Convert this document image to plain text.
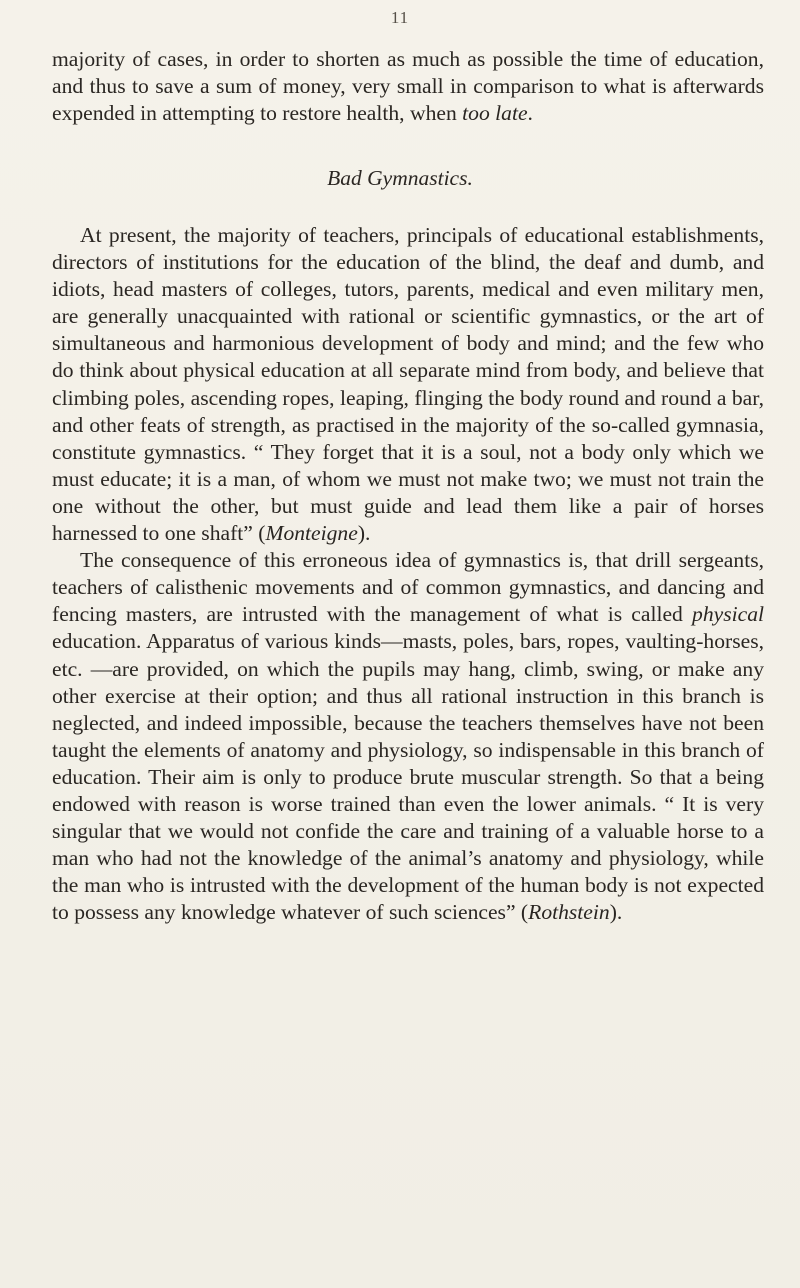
11

majority of cases, in order to shorten as much as possible the time of education, and thus to save a sum of money, very small in comparison to what is afterwards expended in attempting to restore health, when too late.

Bad Gymnastics.

At present, the majority of teachers, principals of educational establishments, directors of institutions for the education of the blind, the deaf and dumb, and idiots, head masters of colleges, tutors, parents, medical and even military men, are generally unacquainted with rational or scientific gymnastics, or the art of simultaneous and harmonious development of body and mind; and the few who do think about physical education at all separate mind from body, and believe that climbing poles, ascending ropes, leaping, flinging the body round and round a bar, and other feats of strength, as practised in the majority of the so-called gymnasia, constitute gymnastics. “ They forget that it is a soul, not a body only which we must educate; it is a man, of whom we must not make two; we must not train the one without the other, but must guide and lead them like a pair of horses harnessed to one shaft” (Monteigne).

The consequence of this erroneous idea of gymnastics is, that drill sergeants, teachers of calisthenic movements and of common gymnastics, and dancing and fencing masters, are intrusted with the management of what is called physical education. Apparatus of various kinds—masts, poles, bars, ropes, vaulting-horses, etc. —are provided, on which the pupils may hang, climb, swing, or make any other exercise at their option; and thus all rational instruction in this branch is neglected, and indeed impossible, because the teachers themselves have not been taught the elements of anatomy and physiology, so indispensable in this branch of education. Their aim is only to produce brute muscular strength. So that a being endowed with reason is worse trained than even the lower animals. “ It is very singular that we would not confide the care and training of a valuable horse to a man who had not the knowledge of the animal’s anatomy and physiology, while the man who is intrusted with the development of the human body is not expected to possess any knowledge whatever of such sciences” (Rothstein).
